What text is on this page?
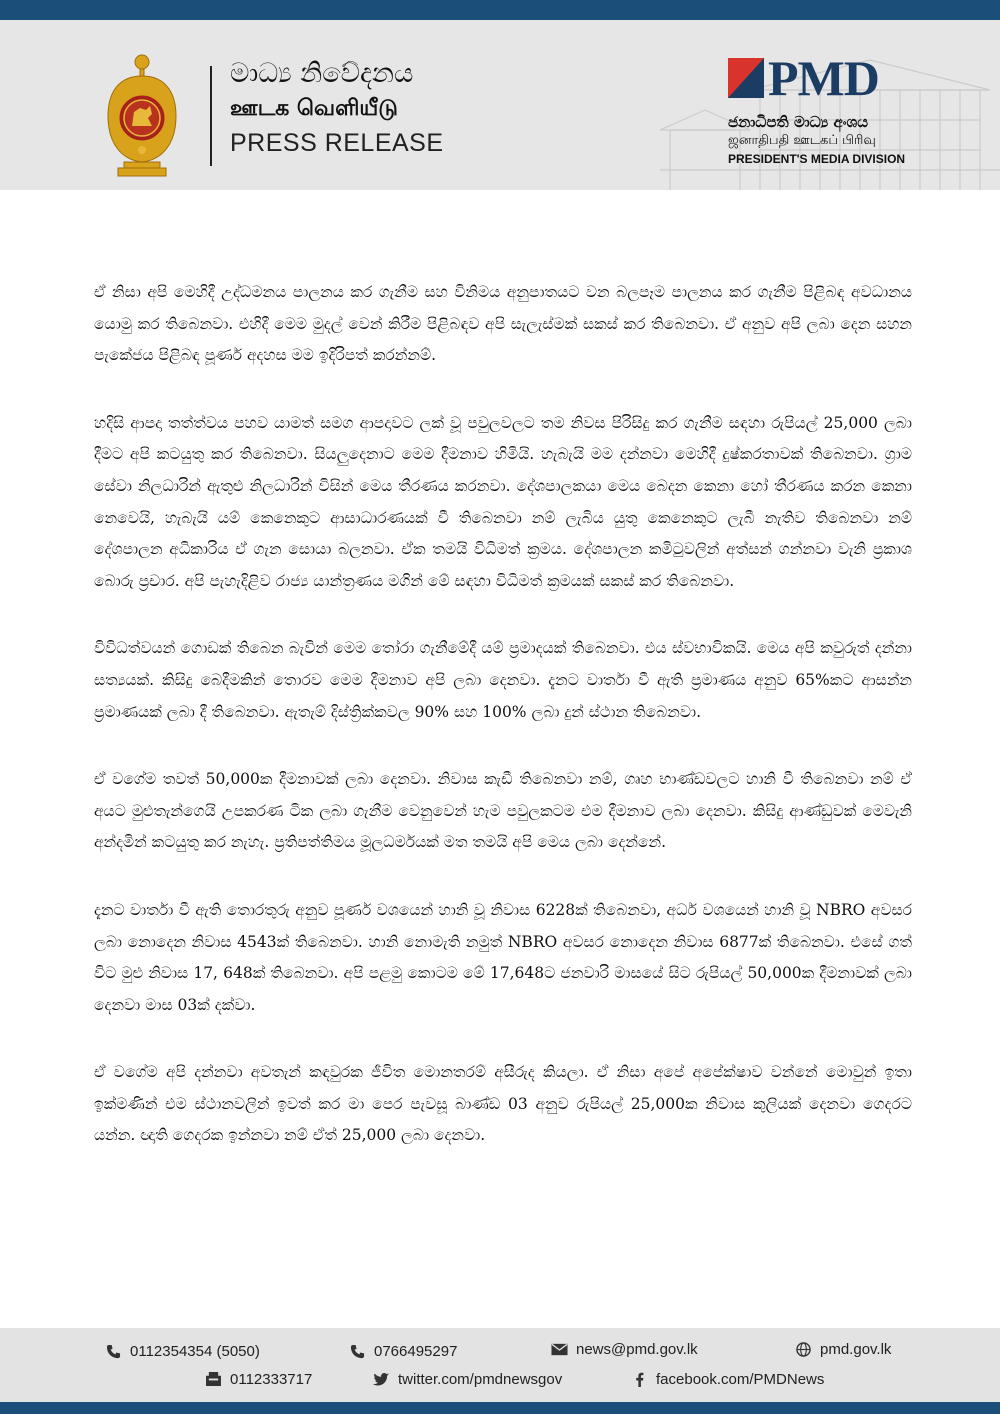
මාධ්‍ය නිවේදනය
ஊடக வெளியீடு
PRESS RELEASE
PMD
ජනාධිපති මාධ්‍ය අංශය
ஜனாதிபதி ஊடகப் பிரிவு
PRESIDENT'S MEDIA DIVISION

ඒ නිසා අපි මෙහිදී උද්ධමනය පාලනය කර ගැනීම සහ විනිමය අනුපාතයට වන බලපෑම පාලනය කර ගැනීම පිළිබඳ අවධානය යොමු කර තිබෙනවා. එහිදී මෙම මුදල් වෙන් කිරීම පිළිබඳව අපි සැලැස්මක් සකස් කර තිබෙනවා. ඒ අනුව අපි ලබා දෙන සහන පැකේජය පිළිබඳ පූර්ණ අදහස මම ඉදිරිපත් කරන්නම්.

හදිසි ආපදා තත්ත්වය පහව යාමත් සමග ආපදාවට ලක් වූ පවුලවලට තම නිවස පිරිසිදු කර ගැනීම සඳහා රුපියල් 25,000 ලබා දීමට අපි කටයුතු කර තිබෙනවා. සියලුදෙනාට මෙම දීමනාව හිමියි. හැබැයි මම දන්නවා මෙහිදී දුෂ්කරතාවක් තිබෙනවා. ග්‍රාම සේවා නිලධාරින් ඇතුළු නිලධාරින් විසින් මෙය තීරණය කරනවා. දේශපාලකයා මෙය බෙදන කෙනා හෝ තීරණය කරන කෙනා නෙවෙයි, හැබැයි යම් කෙනෙකුට ආසාධාරණයක් වී තිබෙනවා නම් ලැබිය යුතු කෙනෙකුට ලැබී නැතිව තිබෙනවා නම් දේශපාලන අධිකාරිය ඒ ගැන සොයා බලනවා. ඒක තමයි විධිමත් ක්‍රමය. දේශපාලන කමිටුවලින් අත්සන් ගන්නවා වැනි ප්‍රකාශ බොරු ප්‍රචාර. අපි පැහැදිළිව රාජ්‍ය යාන්ත්‍රණය මගින් මේ සඳහා විධිමත් ක්‍රමයක් සකස් කර තිබෙනවා.

විවිධත්වයන් ගොඩක් තිබෙන බැවින් මෙම තෝරා ගැනීමේදී යම් ප්‍රමාදයක් තිබෙනවා. එය ස්වභාවිකයි. මෙය අපි කවුරුත් දන්නා සත්‍යයක්. කිසිදු බෙදීමකින් තොරව මෙම දීමනාව අපි ලබා දෙනවා. දැනට වාර්තා වී ඇති ප්‍රමාණය අනුව 65%කට ආසන්න ප්‍රමාණයක් ලබා දී තිබෙනවා. ඇතැම් දිස්ත්‍රික්කවල 90% සහ 100% ලබා දුන් ස්ථාන තිබෙනවා.

ඒ වගේම තවත් 50,000ක දීමනාවක් ලබා දෙනවා. නිවාස කැඩී තිබෙනවා නම්, ගෘහ භාණ්ඩවලට හානි වී තිබෙනවා නම් ඒ අයට මුළුතැන්ගෙයි උපකරණ ටික ලබා ගැනීම වෙනුවෙන් හැම පවුලකටම එම දීමනාව ලබා දෙනවා. කිසිදු ආණ්ඩුවක් මෙවැනි අන්දමින් කටයුතු කර නැහැ. ප්‍රතිපත්තිමය මූලධර්මයක් මත තමයි අපි මෙය ලබා දෙන්නේ.

දැනට වාර්තා වී ඇති තොරතුරු අනුව පූර්ණ වශයෙන් හානි වූ නිවාස 6228ක් තිබෙනවා, අර්ධ වශයෙන් හානි වූ NBRO අවසර ලබා නොදෙන නිවාස 4543ක් තිබෙනවා. හානි නොමැති නමුත් NBRO අවසර නොදෙන නිවාස 6877ක් තිබෙනවා. එසේ ගත් විට මුළු නිවාස 17, 648ක් තිබෙනවා. අපි පළමු කොටම මේ 17,648ට ජනවාරි මාසයේ සිට රුපියල් 50,000ක දීමනාවක් ලබා දෙනවා මාස 03ක් දක්වා.

ඒ වගේම අපි දන්නවා අවතැන් කඳවුරක ජීවිත මොනතරම් අසීරුද කියලා. ඒ නිසා අපේ අපේක්ෂාව වන්නේ මොවුන් ඉතා ඉක්මණින් එම ස්ථානවලින් ඉවත් කර මා පෙර පැවසූ බාණ්ඩ 03 අනුව රුපියල් 25,000ක නිවාස කුලියක් දෙනවා ගෙදරට යන්න. ඥාති ගෙදරක ඉන්නවා නම් ඒත් 25,000 ලබා දෙනවා.

0112354354 (5050)	0766495297	news@pmd.gov.lk	pmd.gov.lk
0112333717	twitter.com/pmdnewsgov	facebook.com/PMDNews
